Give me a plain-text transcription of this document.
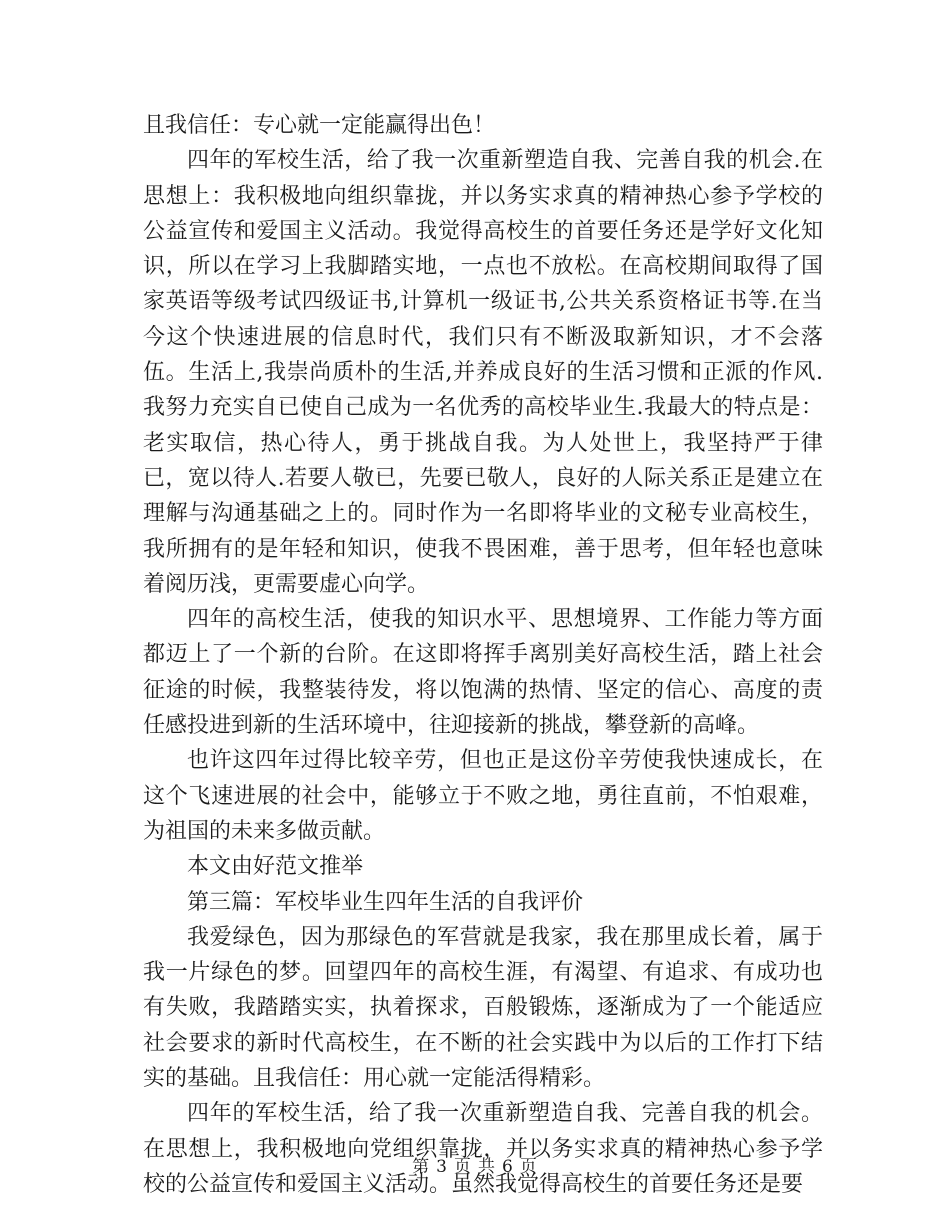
且我信任：专心就一定能赢得出色！

四年的军校生活，给了我一次重新塑造自我、完善自我的机会.在思想上：我积极地向组织靠拢，并以务实求真的精神热心参予学校的公益宣传和爱国主义活动。我觉得高校生的首要任务还是学好文化知识，所以在学习上我脚踏实地，一点也不放松。在高校期间取得了国家英语等级考试四级证书,计算机一级证书,公共关系资格证书等.在当今这个快速进展的信息时代，我们只有不断汲取新知识，才不会落伍。生活上,我崇尚质朴的生活,并养成良好的生活习惯和正派的作风.我努力充实自已使自己成为一名优秀的高校毕业生.我最大的特点是：老实取信，热心待人，勇于挑战自我。为人处世上，我坚持严于律已，宽以待人.若要人敬已，先要已敬人，良好的人际关系正是建立在理解与沟通基础之上的。同时作为一名即将毕业的文秘专业高校生，我所拥有的是年轻和知识，使我不畏困难，善于思考，但年轻也意味着阅历浅，更需要虚心向学。

四年的高校生活，使我的知识水平、思想境界、工作能力等方面都迈上了一个新的台阶。在这即将挥手离别美好高校生活，踏上社会征途的时候，我整装待发，将以饱满的热情、坚定的信心、高度的责任感投进到新的生活环境中，往迎接新的挑战，攀登新的高峰。

也许这四年过得比较辛劳，但也正是这份辛劳使我快速成长，在这个飞速进展的社会中，能够立于不败之地，勇往直前，不怕艰难，为祖国的未来多做贡献。

本文由好范文推举

第三篇：军校毕业生四年生活的自我评价

我爱绿色，因为那绿色的军营就是我家，我在那里成长着，属于我一片绿色的梦。回望四年的高校生涯，有渴望、有追求、有成功也有失败，我踏踏实实，执着探求，百般锻炼，逐渐成为了一个能适应社会要求的新时代高校生，在不断的社会实践中为以后的工作打下结实的基础。且我信任：用心就一定能活得精彩。

四年的军校生活，给了我一次重新塑造自我、完善自我的机会。在思想上，我积极地向党组织靠拢，并以务实求真的精神热心参予学校的公益宣传和爱国主义活动。虽然我觉得高校生的首要任务还是要

第 3 页 共 6 页
